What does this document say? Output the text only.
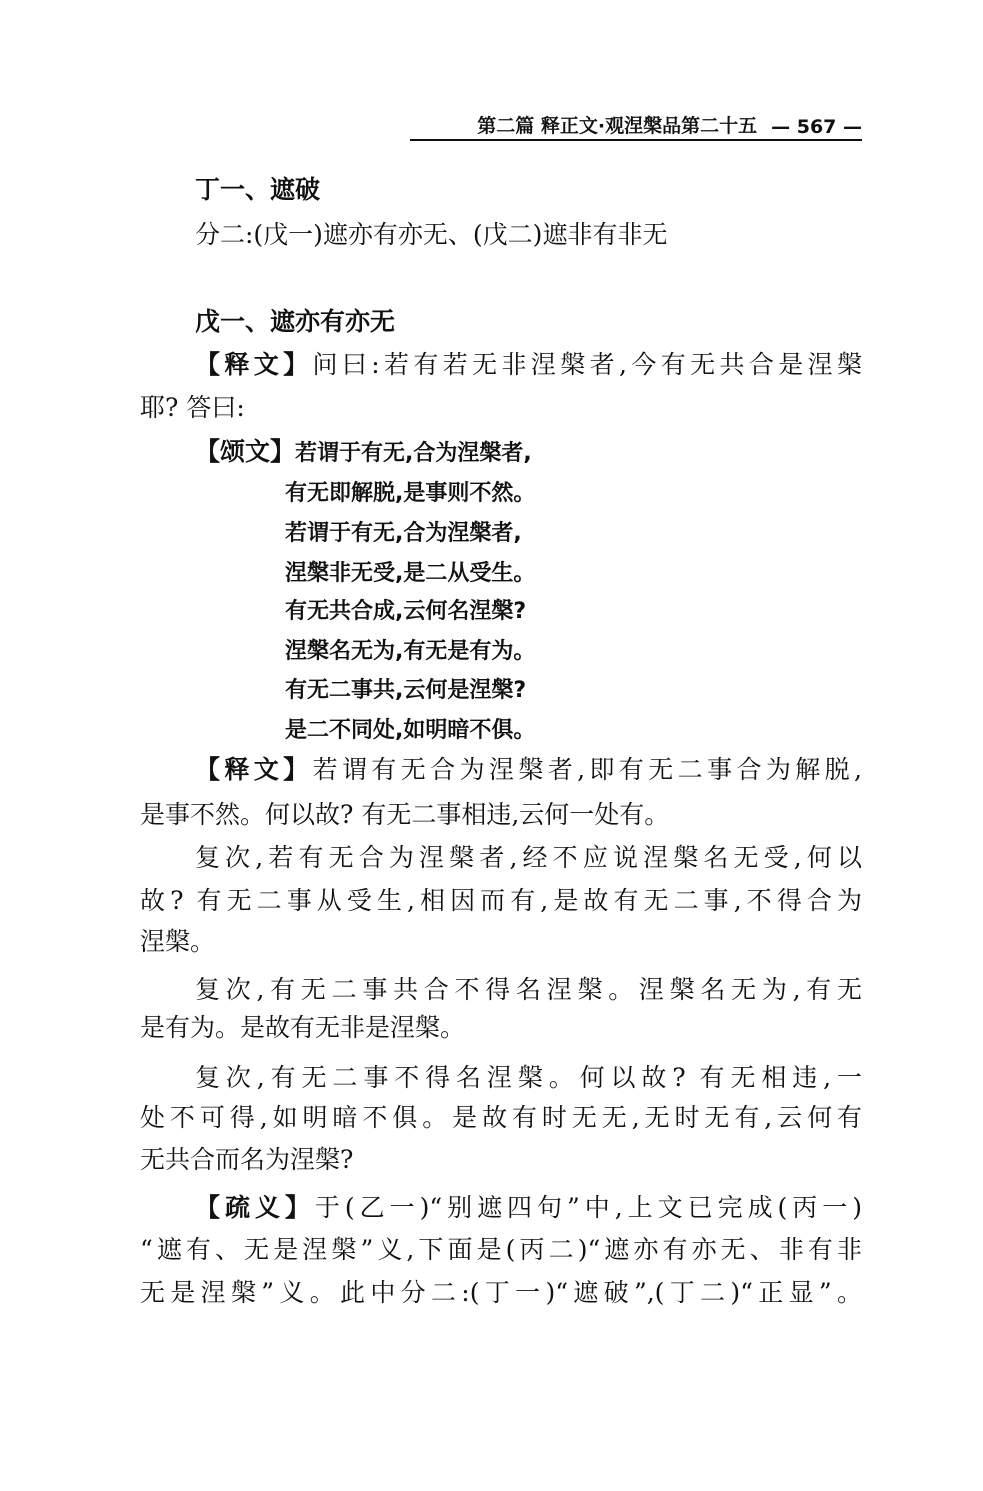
第二篇 释正文·观涅槃品第二十五 — 567 —
丁一、遮破
分二:(戊一)遮亦有亦无、(戊二)遮非有非无
戊一、遮亦有亦无
【释文】问曰:若有若无非涅槃者,今有无共合是涅槃
耶? 答曰:
【颂文】若谓于有无,合为涅槃者,
有无即解脱,是事则不然。
若谓于有无,合为涅槃者,
涅槃非无受,是二从受生。
有无共合成,云何名涅槃?
涅槃名无为,有无是有为。
有无二事共,云何是涅槃?
是二不同处,如明暗不俱。
【释文】若谓有无合为涅槃者,即有无二事合为解脱,
是事不然。何以故? 有无二事相违,云何一处有。
复次,若有无合为涅槃者,经不应说涅槃名无受,何以
故? 有无二事从受生,相因而有,是故有无二事,不得合为
涅槃。
复次,有无二事共合不得名涅槃。涅槃名无为,有无
是有为。是故有无非是涅槃。
复次,有无二事不得名涅槃。何以故? 有无相违,一
处不可得,如明暗不俱。是故有时无无,无时无有,云何有
无共合而名为涅槃?
【疏义】于(乙一)“别遮四句”中,上文已完成(丙一)
“遮有、无是涅槃”义,下面是(丙二)“遮亦有亦无、非有非
无是涅槃”义。此中分二:(丁一)“遮破”,(丁二)“正显”。
